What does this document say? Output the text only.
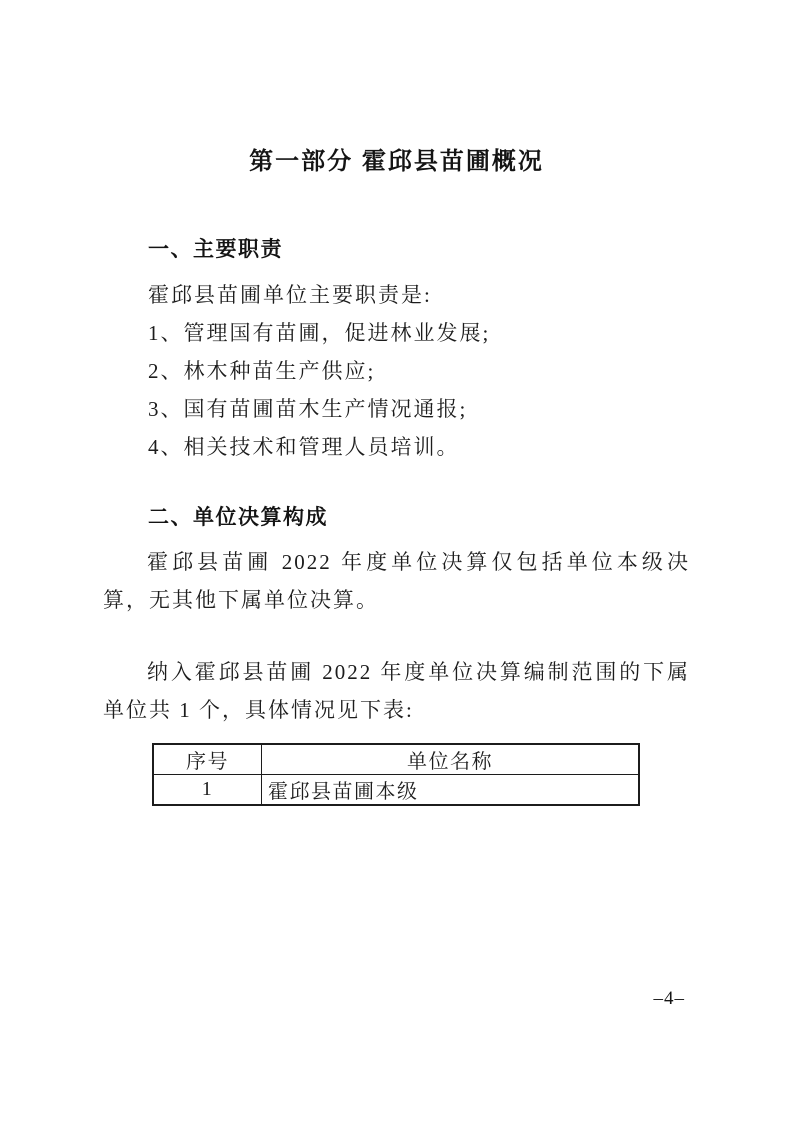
第一部分 霍邱县苗圃概况
一、主要职责

霍邱县苗圃单位主要职责是:

1、管理国有苗圃，促进林业发展;

2、林木种苗生产供应;

3、国有苗圃苗木生产情况通报;

4、相关技术和管理人员培训。

二、单位决算构成

霍邱县苗圃 2022 年度单位决算仅包括单位本级决算，无其他下属单位决算。

纳入霍邱县苗圃 2022 年度单位决算编制范围的下属单位共 1 个，具体情况见下表:

序号	单位名称
1	霍邱县苗圃本级
–4–
